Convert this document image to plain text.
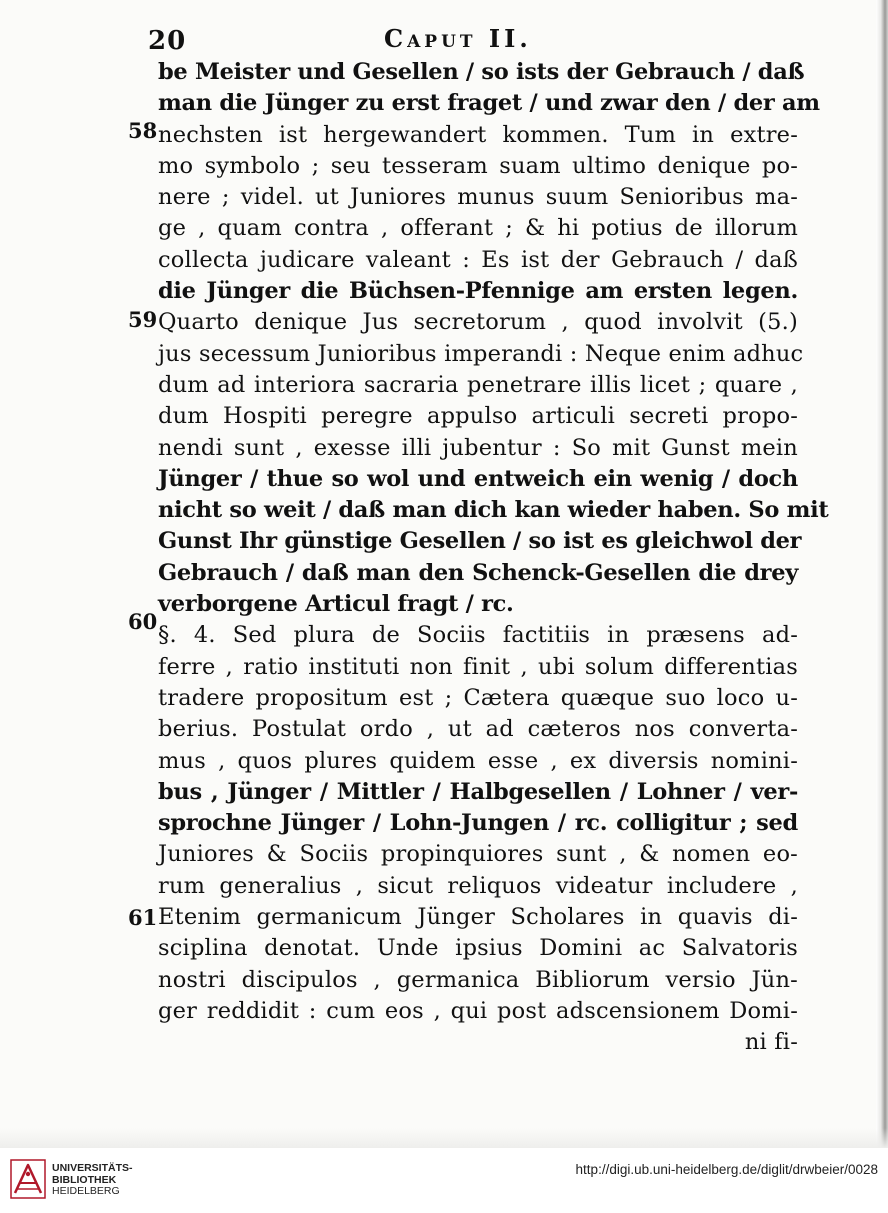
20	Caput II.
58
59
60
61
be Meister und Gesellen / so ists der Gebrauch / daß
man die Jünger zu erst fraget / und zwar den / der am
nechsten ist hergewandert kommen. Tum in extre-
mo symbolo ; seu tesseram suam ultimo denique po-
nere ; videl. ut Juniores munus suum Senioribus ma-
ge , quam contra , offerant ; & hi potius de illorum
collecta judicare valeant : Es ist der Gebrauch / daß
die Jünger die Büchsen-Pfennige am ersten legen.
Quarto denique Jus secretorum , quod involvit (5.)
jus secessum Junioribus imperandi : Neque enim adhuc
dum ad interiora sacraria penetrare illis licet ; quare ,
dum Hospiti peregre appulso articuli secreti propo-
nendi sunt , exesse illi jubentur : So mit Gunst mein
Jünger / thue so wol und entweich ein wenig / doch
nicht so weit / daß man dich kan wieder haben. So mit
Gunst Ihr günstige Gesellen / so ist es gleichwol der
Gebrauch / daß man den Schenck-Gesellen die drey
verborgene Articul fragt / rc.
§. 4. Sed plura de Sociis factitiis in præsens ad-
ferre , ratio instituti non finit , ubi solum differentias
tradere propositum est ; Cætera quæque suo loco u-
berius. Postulat ordo , ut ad cæteros nos converta-
mus , quos plures quidem esse , ex diversis nomini-
bus , Jünger / Mittler / Halbgesellen / Lohner / ver-
sprochne Jünger / Lohn-Jungen / rc. colligitur ; sed
Juniores & Sociis propinquiores sunt , & nomen eo-
rum generalius , sicut reliquos videatur includere ,
Etenim germanicum Jünger Scholares in quavis di-
sciplina denotat. Unde ipsius Domini ac Salvatoris
nostri discipulos , germanica Bibliorum versio Jün-
ger reddidit : cum eos , qui post adscensionem Domi-
ni fi-
UNIVERSITÄTS-
BIBLIOTHEK
HEIDELBERG
http://digi.ub.uni-heidelberg.de/diglit/drwbeier/0028
